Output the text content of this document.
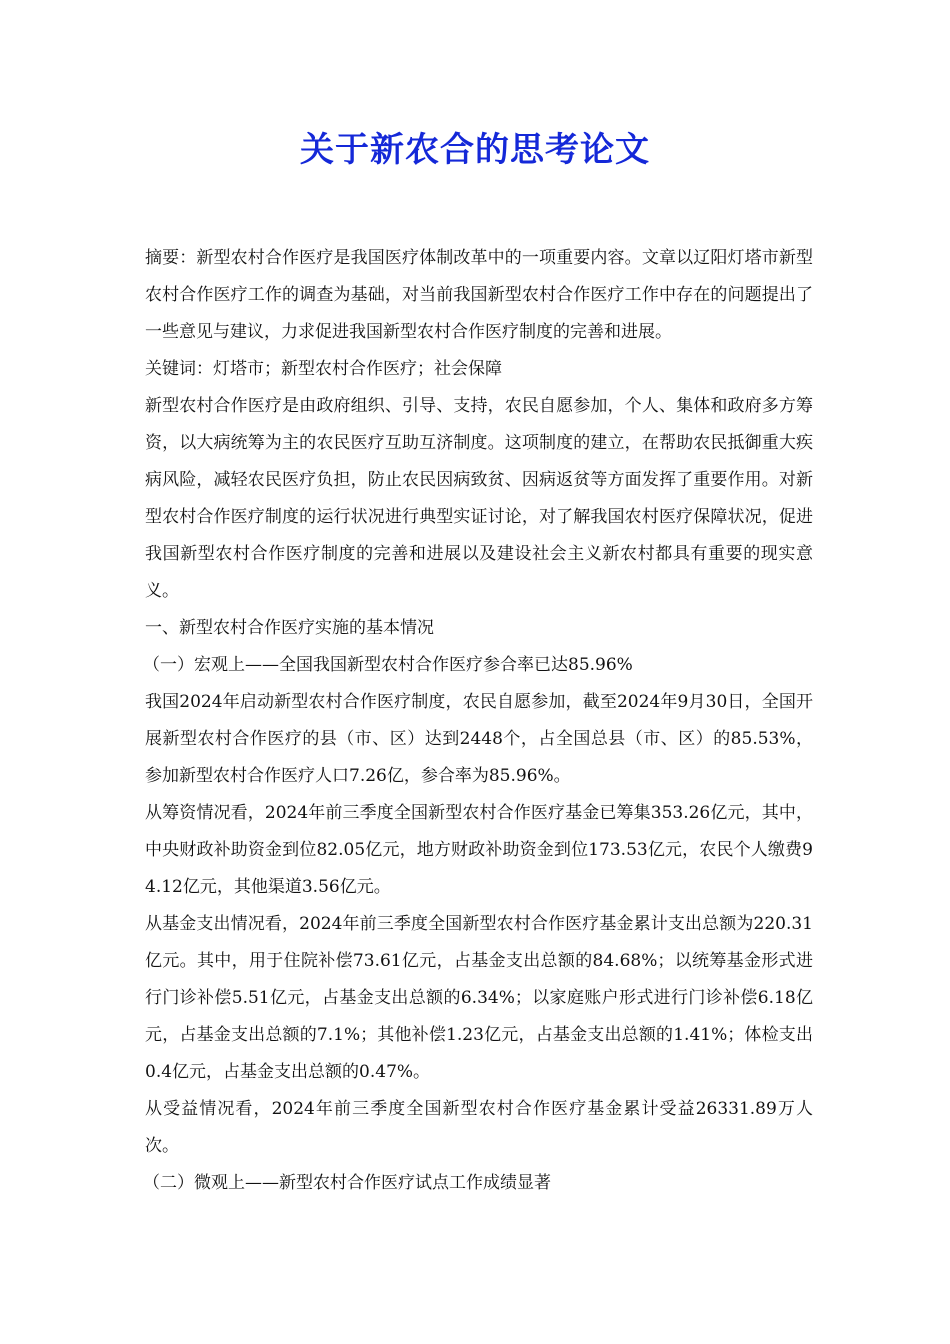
关于新农合的思考论文

摘要：新型农村合作医疗是我国医疗体制改革中的一项重要内容。文章以辽阳灯塔市新型农村合作医疗工作的调查为基础，对当前我国新型农村合作医疗工作中存在的问题提出了一些意见与建议，力求促进我国新型农村合作医疗制度的完善和进展。

关键词：灯塔市；新型农村合作医疗；社会保障

新型农村合作医疗是由政府组织、引导、支持，农民自愿参加，个人、集体和政府多方筹资，以大病统筹为主的农民医疗互助互济制度。这项制度的建立，在帮助农民抵御重大疾病风险，减轻农民医疗负担，防止农民因病致贫、因病返贫等方面发挥了重要作用。对新型农村合作医疗制度的运行状况进行典型实证讨论，对了解我国农村医疗保障状况，促进我国新型农村合作医疗制度的完善和进展以及建设社会主义新农村都具有重要的现实意义。

一、新型农村合作医疗实施的基本情况

（一）宏观上——全国我国新型农村合作医疗参合率已达85.96%

我国2024年启动新型农村合作医疗制度，农民自愿参加，截至2024年9月30日，全国开展新型农村合作医疗的县（市、区）达到2448个，占全国总县（市、区）的85.53%，参加新型农村合作医疗人口7.26亿，参合率为85.96%。

从筹资情况看，2024年前三季度全国新型农村合作医疗基金已筹集353.26亿元，其中，中央财政补助资金到位82.05亿元，地方财政补助资金到位173.53亿元，农民个人缴费94.12亿元，其他渠道3.56亿元。

从基金支出情况看，2024年前三季度全国新型农村合作医疗基金累计支出总额为220.31亿元。其中，用于住院补偿73.61亿元，占基金支出总额的84.68%；以统筹基金形式进行门诊补偿5.51亿元，占基金支出总额的6.34%；以家庭账户形式进行门诊补偿6.18亿元，占基金支出总额的7.1%；其他补偿1.23亿元，占基金支出总额的1.41%；体检支出0.4亿元，占基金支出总额的0.47%。

从受益情况看，2024年前三季度全国新型农村合作医疗基金累计受益26331.89万人次。

（二）微观上——新型农村合作医疗试点工作成绩显著
